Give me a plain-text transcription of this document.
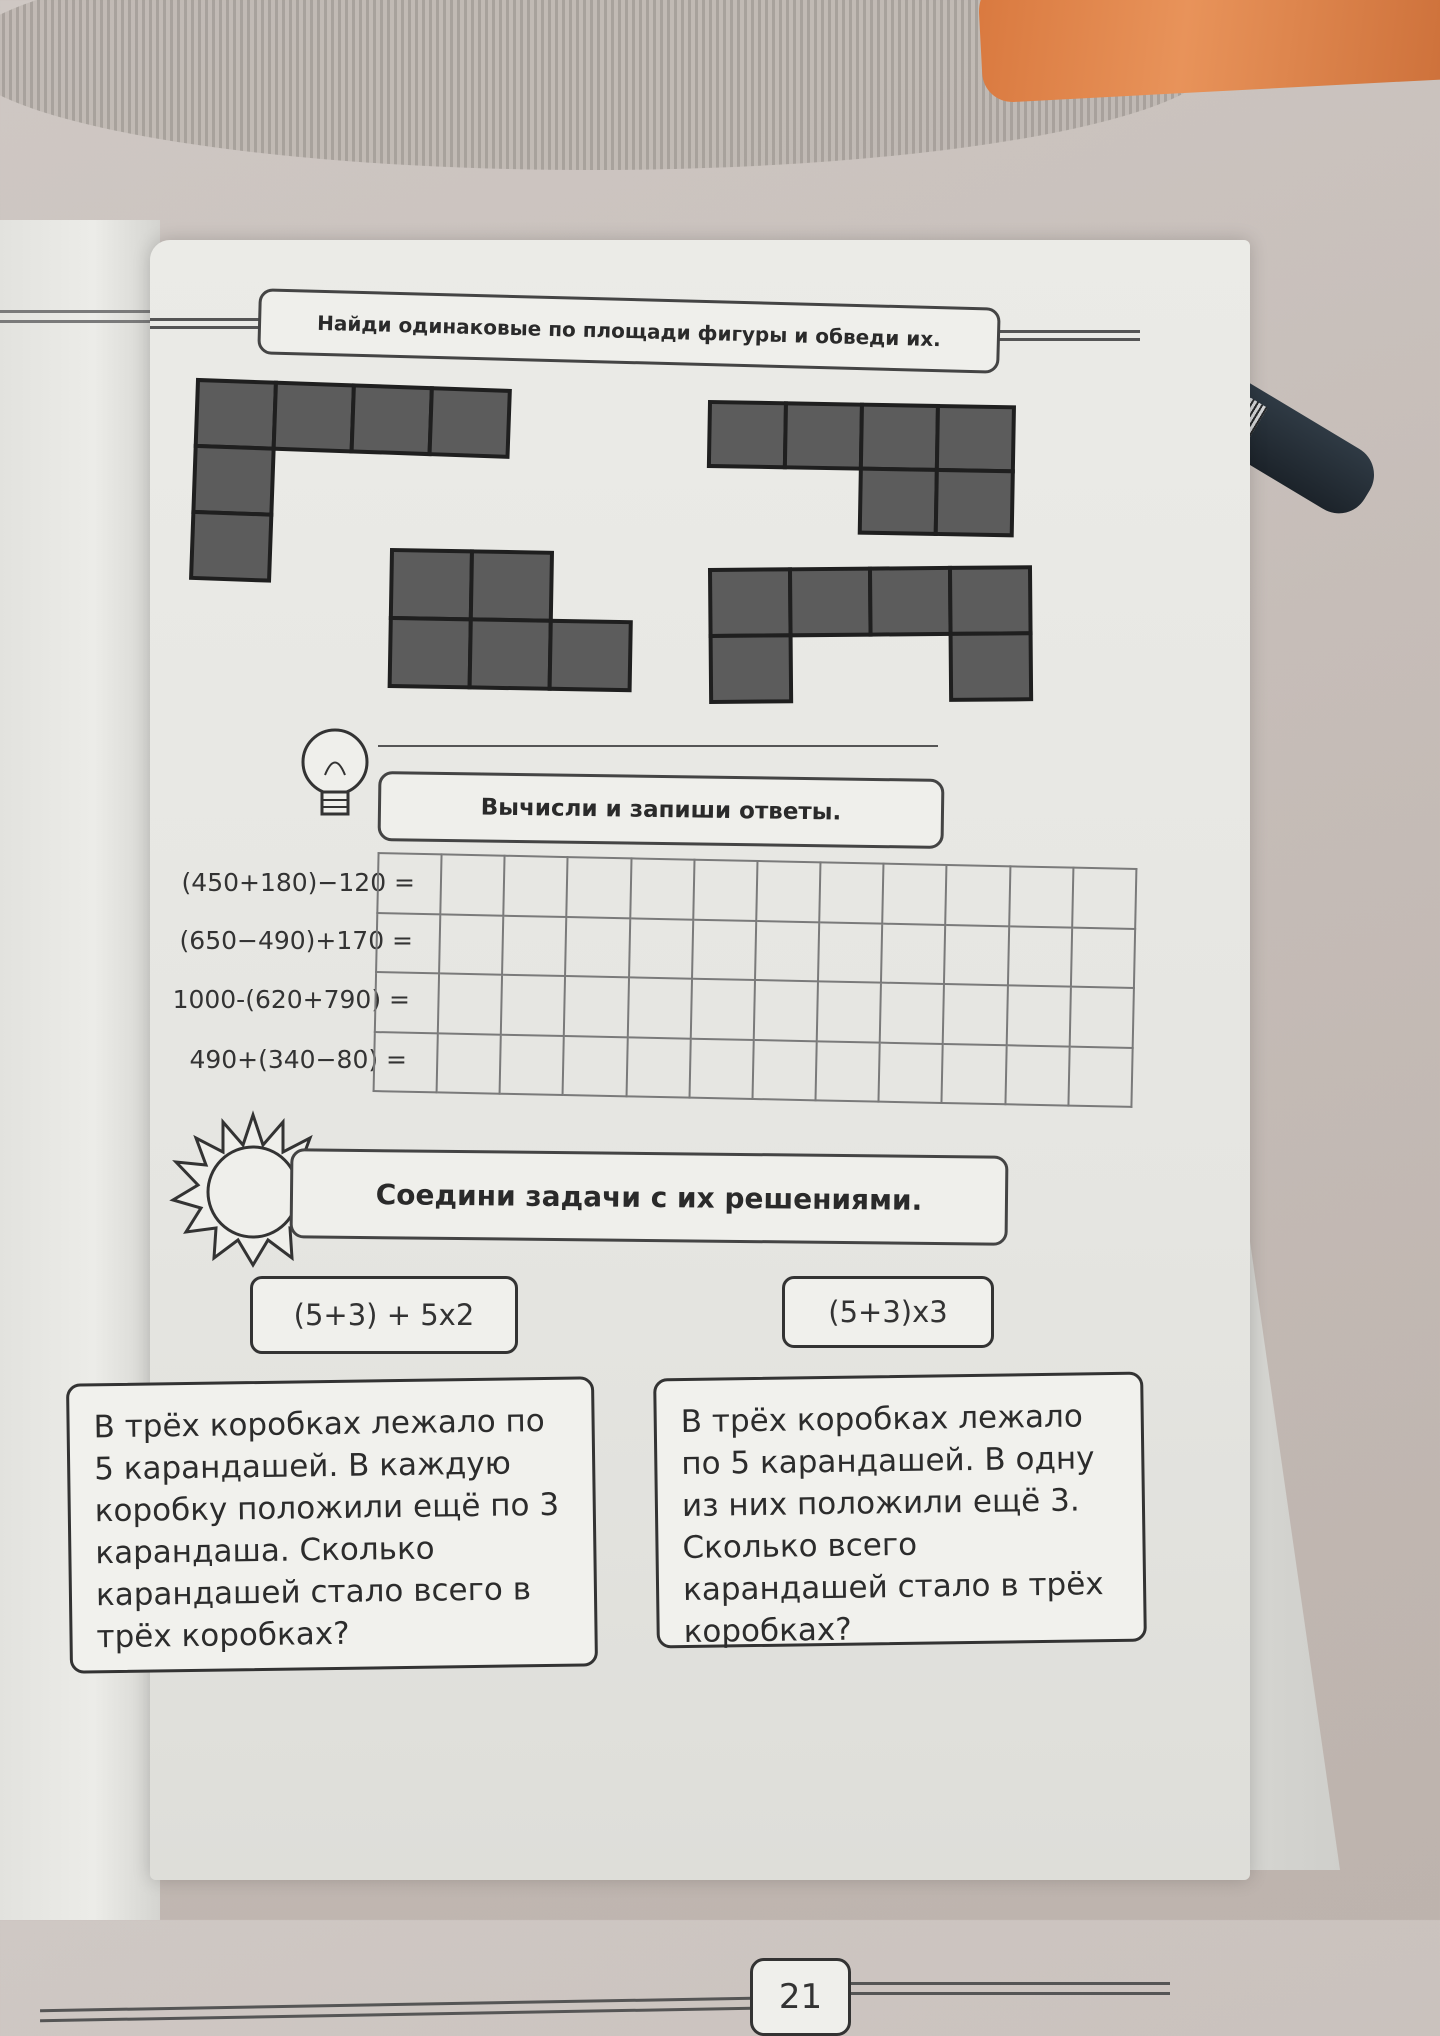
Найди одинаковые по площади фигуры и обведи их.
Вычисли и запиши ответы.
(450+180)−120 =
(650−490)+170 =
1000-(620+790) =
490+(340−80) =

Соедини задачи с их решениями.
(5+3) + 5x2	(5+3)x3
В трёх коробках лежало по 5 карандашей. В каждую коробку положили ещё по 3 карандаша. Сколько карандашей стало всего в трёх коробках?
В трёх коробках лежало по 5 карандашей. В одну из них положили ещё 3. Сколько всего карандашей стало в трёх коробках?
21
